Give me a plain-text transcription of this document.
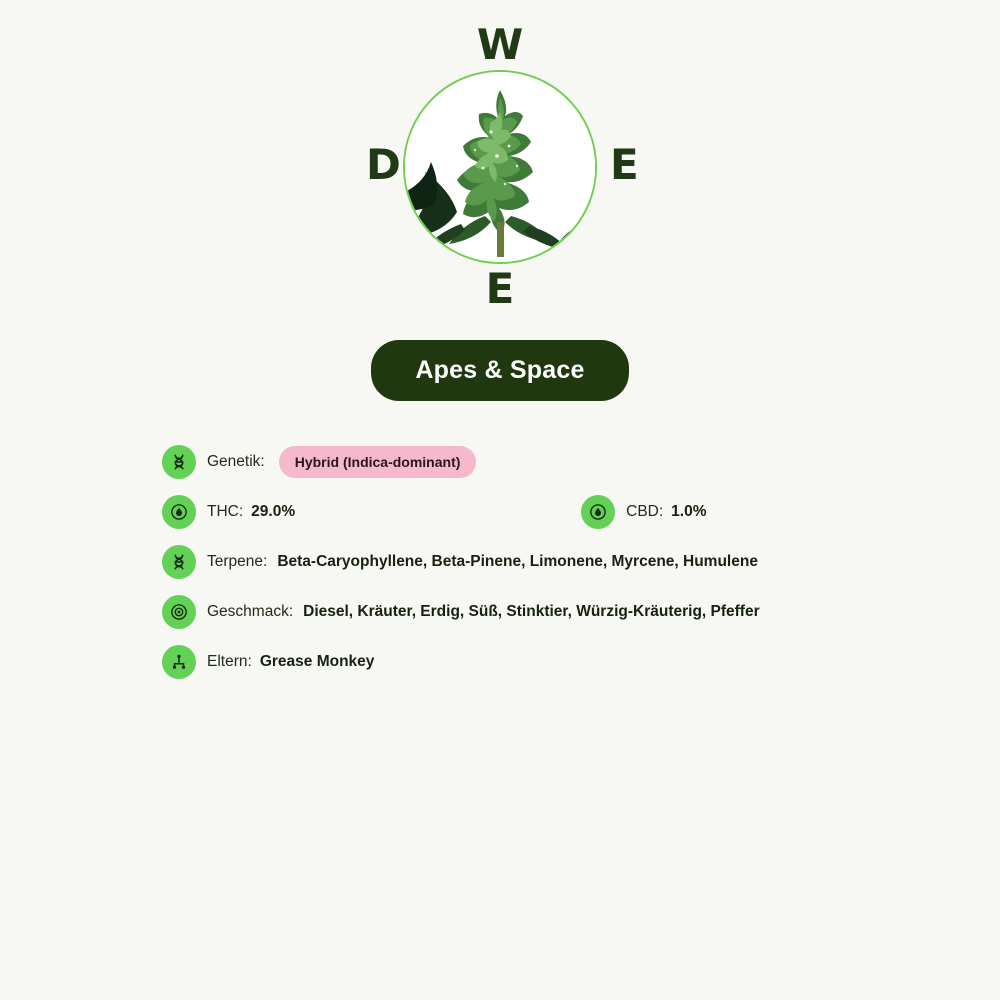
W
D	E
E
Apes & Space
Genetik:	Hybrid (Indica-dominant)
THC: 29.0%	CBD: 1.0%
Terpene: Beta-Caryophyllene, Beta-Pinene, Limonene, Myrcene, Humulene
Geschmack: Diesel, Kräuter, Erdig, Süß, Stinktier, Würzig-Kräuterig, Pfeffer
Eltern: Grease Monkey
